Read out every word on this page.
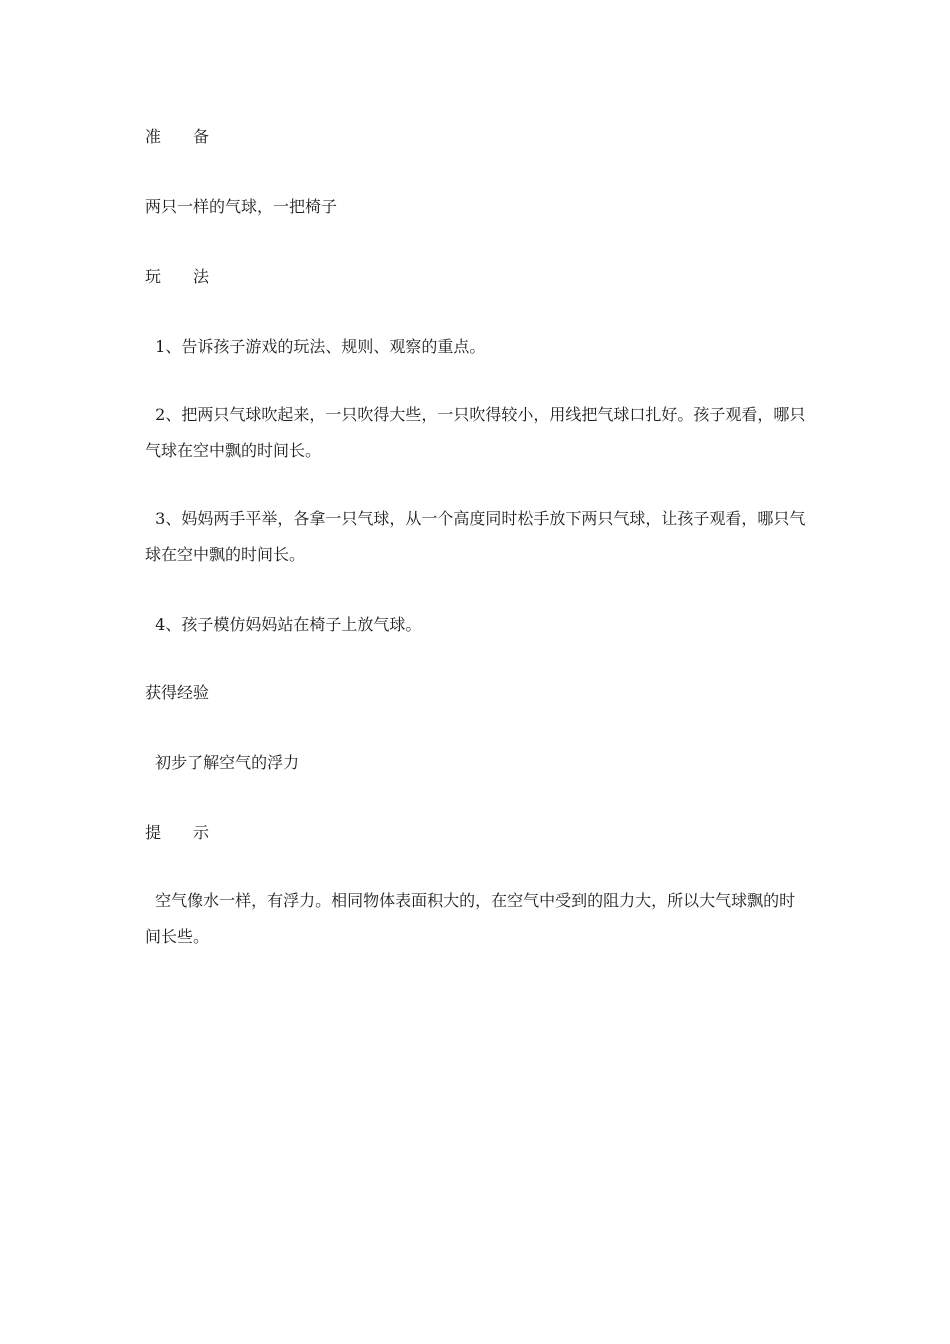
准　　备

两只一样的气球，一把椅子

玩　　法

1、告诉孩子游戏的玩法、规则、观察的重点。

2、把两只气球吹起来，一只吹得大些，一只吹得较小，用线把气球口扎好。孩子观看，哪只气球在空中飘的时间长。

3、妈妈两手平举，各拿一只气球，从一个高度同时松手放下两只气球，让孩子观看，哪只气球在空中飘的时间长。

4、孩子模仿妈妈站在椅子上放气球。

获得经验

初步了解空气的浮力

提　　示

空气像水一样，有浮力。相同物体表面积大的，在空气中受到的阻力大，所以大气球飘的时间长些。
